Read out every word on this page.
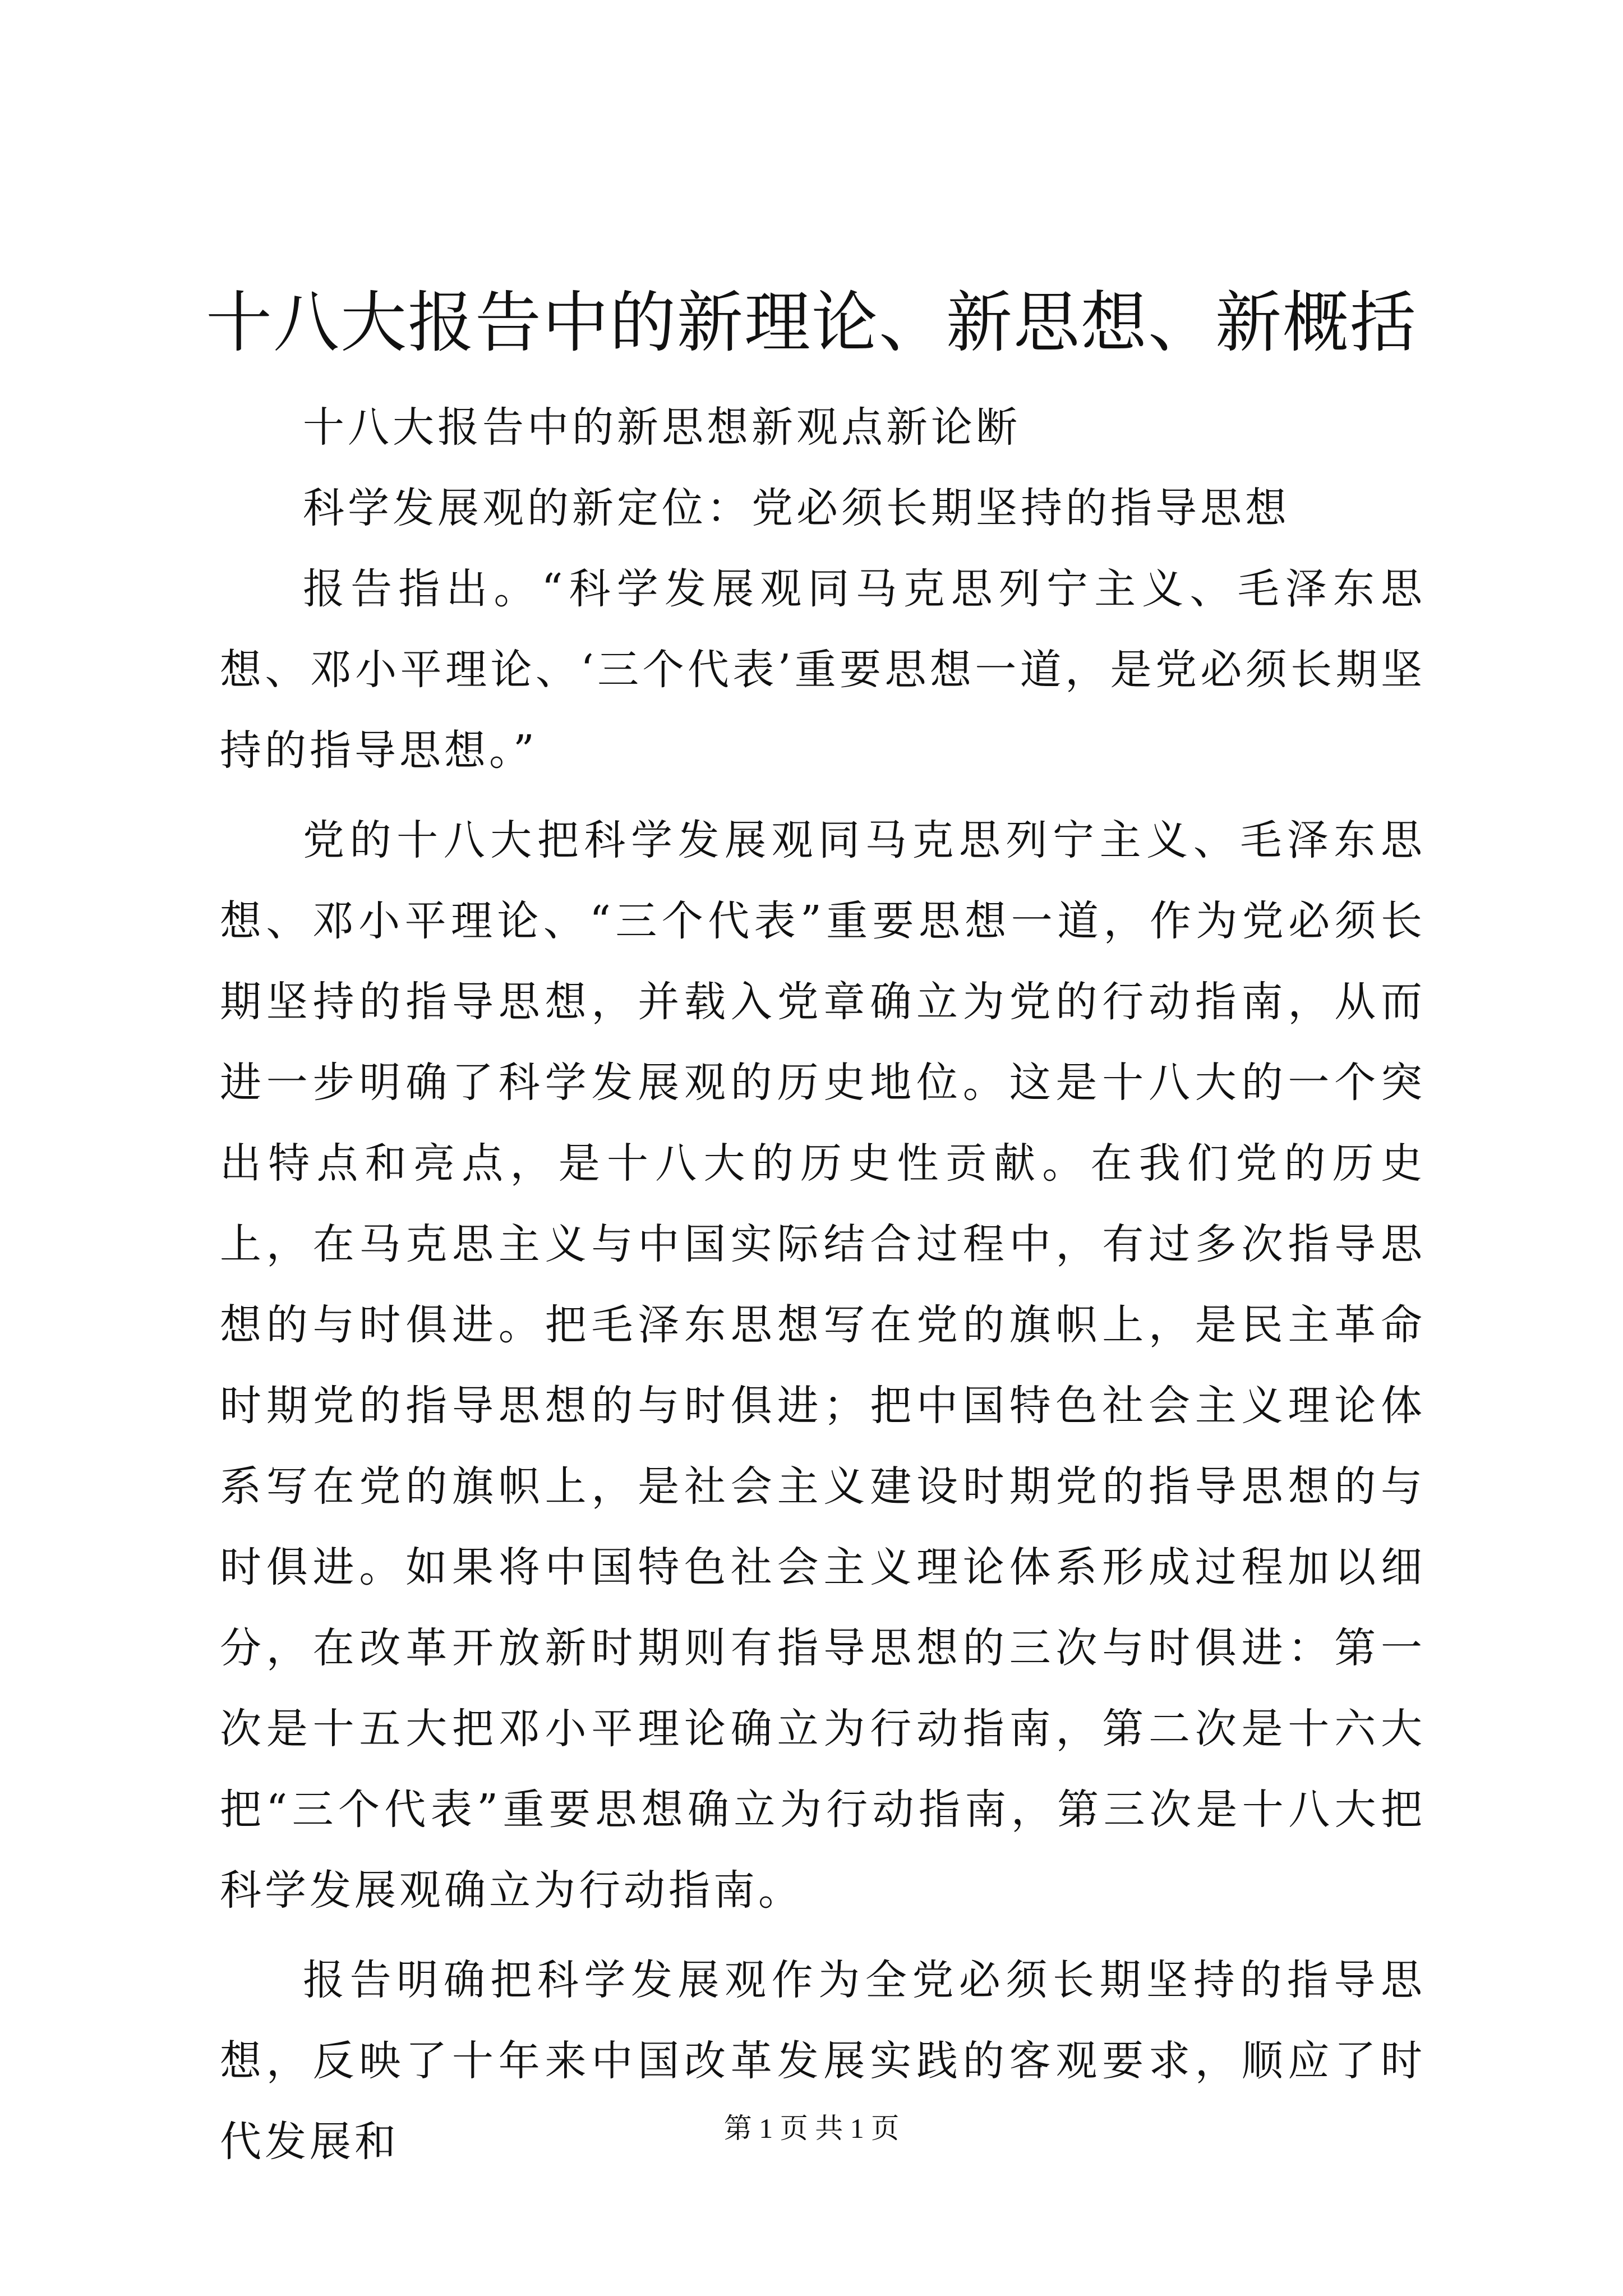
十八大报告中的新理论、新思想、新概括

十八大报告中的新思想新观点新论断

科学发展观的新定位：党必须长期坚持的指导思想

报告指出。“科学发展观同马克思列宁主义、毛泽东思想、邓小平理论、‘三个代表’重要思想一道，是党必须长期坚持的指导思想。”

党的十八大把科学发展观同马克思列宁主义、毛泽东思想、邓小平理论、“三个代表”重要思想一道，作为党必须长期坚持的指导思想，并载入党章确立为党的行动指南，从而进一步明确了科学发展观的历史地位。这是十八大的一个突出特点和亮点，是十八大的历史性贡献。在我们党的历史上，在马克思主义与中国实际结合过程中，有过多次指导思想的与时俱进。把毛泽东思想写在党的旗帜上，是民主革命时期党的指导思想的与时俱进；把中国特色社会主义理论体系写在党的旗帜上，是社会主义建设时期党的指导思想的与时俱进。如果将中国特色社会主义理论体系形成过程加以细分，在改革开放新时期则有指导思想的三次与时俱进：第一次是十五大把邓小平理论确立为行动指南，第二次是十六大把“三个代表”重要思想确立为行动指南，第三次是十八大把科学发展观确立为行动指南。

报告明确把科学发展观作为全党必须长期坚持的指导思想，反映了十年来中国改革发展实践的客观要求，顺应了时代发展和	第 1 页 共 1 页
